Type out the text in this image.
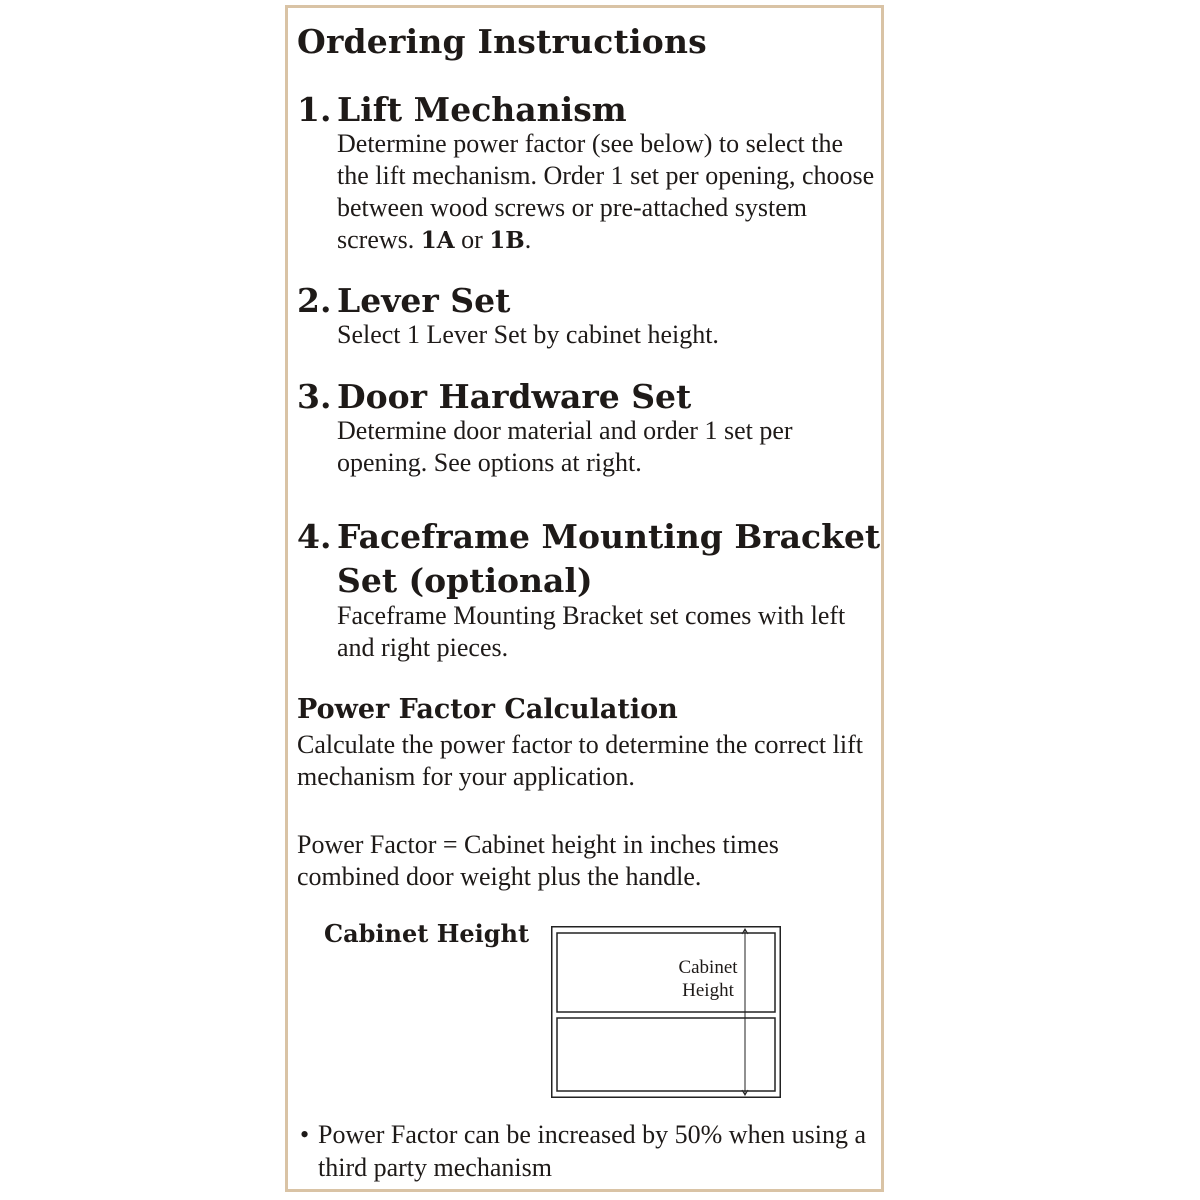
Ordering Instructions
1. Lift Mechanism

Determine power factor (see below) to select the the lift mechanism. Order 1 set per opening, choose between wood screws or pre-attached system screws. 1A or 1B.

2. Lever Set

Select 1 Lever Set by cabinet height.

3. Door Hardware Set

Determine door material and order 1 set per opening. See options at right.

4. Faceframe Mounting Bracket
Set (optional)

Faceframe Mounting Bracket set comes with left and right pieces.

Power Factor Calculation

Calculate the power factor to determine the correct lift mechanism for your application.

Power Factor = Cabinet height in inches times combined door weight plus the handle.

Cabinet Height

Cabinet
Height

• Power Factor can be increased by 50% when using a third party mechanism
